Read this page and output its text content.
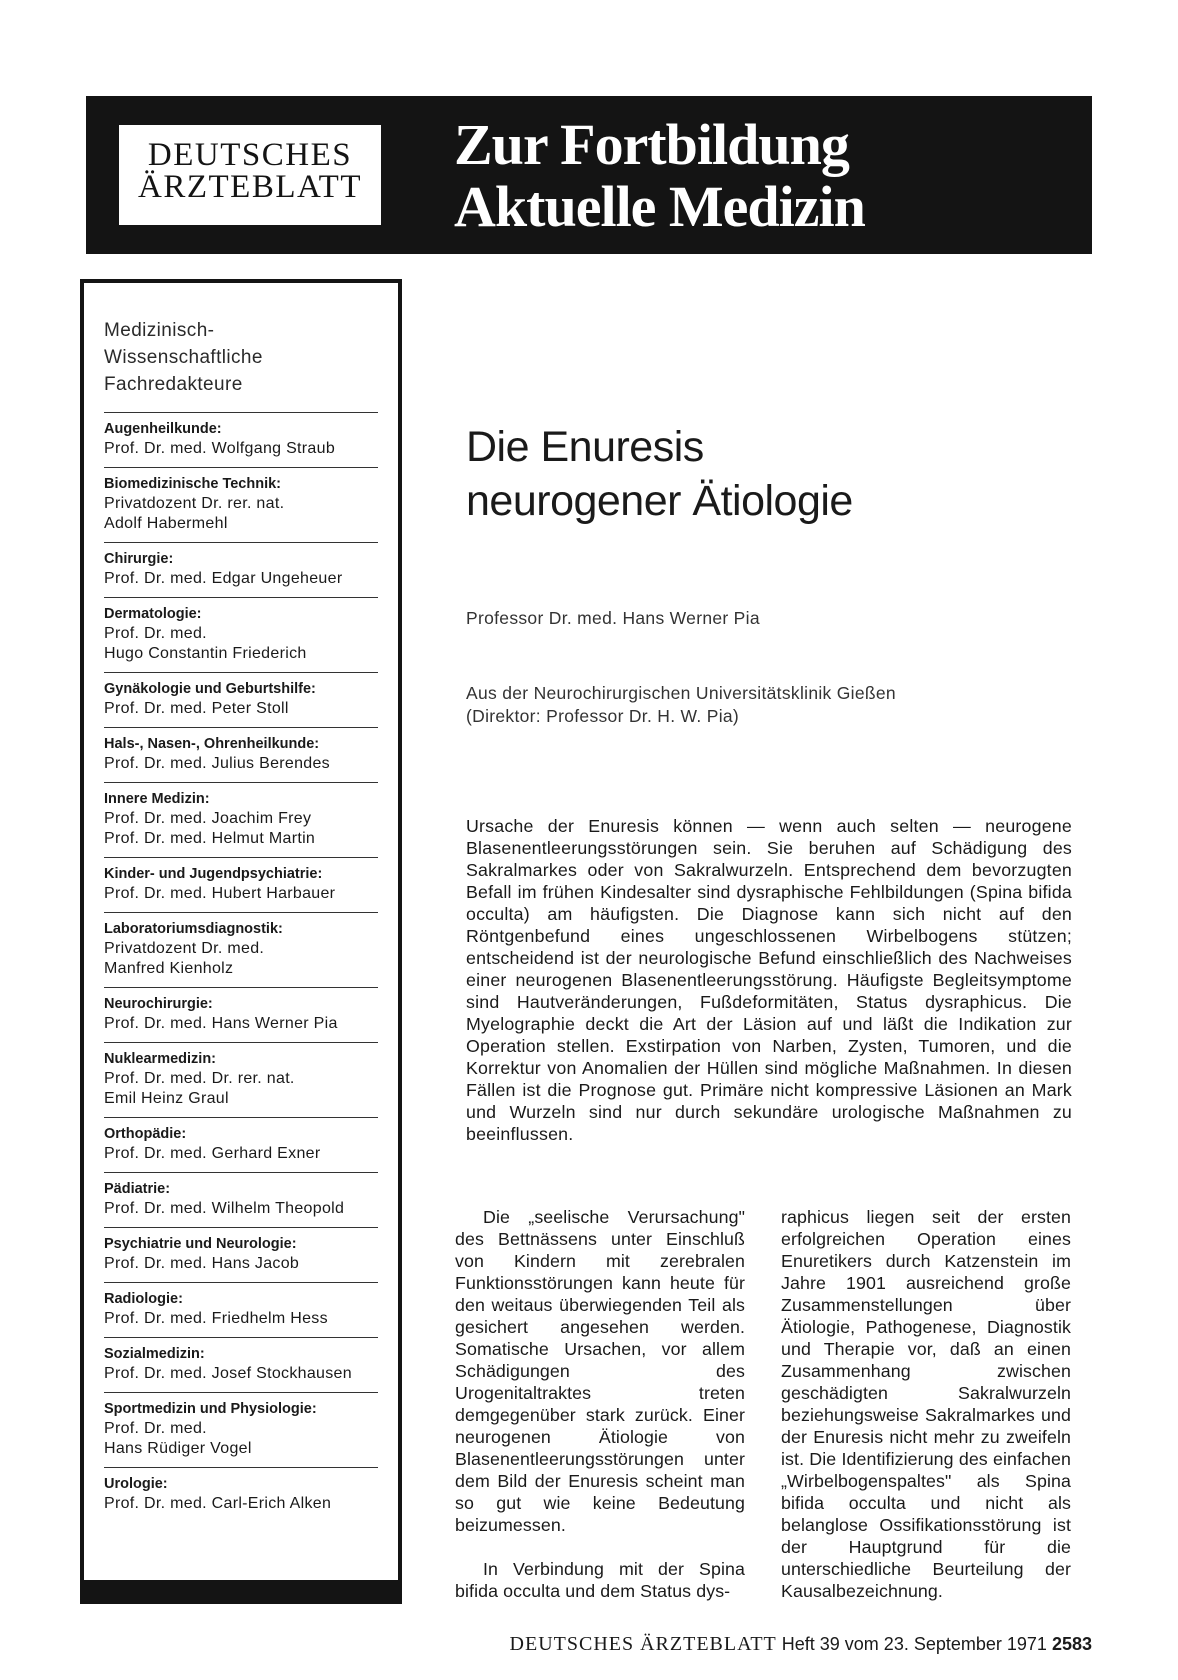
DEUTSCHES
ÄRZTEBLATT
Zur Fortbildung
Aktuelle Medizin
Medizinisch-
Wissenschaftliche
Fachredakteure
Augenheilkunde:
Prof. Dr. med. Wolfgang Straub
Biomedizinische Technik:
Privatdozent Dr. rer. nat.
Adolf Habermehl
Chirurgie:
Prof. Dr. med. Edgar Ungeheuer
Dermatologie:
Prof. Dr. med.
Hugo Constantin Friederich
Gynäkologie und Geburtshilfe:
Prof. Dr. med. Peter Stoll
Hals-, Nasen-, Ohrenheilkunde:
Prof. Dr. med. Julius Berendes
Innere Medizin:
Prof. Dr. med. Joachim Frey
Prof. Dr. med. Helmut Martin
Kinder- und Jugendpsychiatrie:
Prof. Dr. med. Hubert Harbauer
Laboratoriumsdiagnostik:
Privatdozent Dr. med.
Manfred Kienholz
Neurochirurgie:
Prof. Dr. med. Hans Werner Pia
Nuklearmedizin:
Prof. Dr. med. Dr. rer. nat.
Emil Heinz Graul
Orthopädie:
Prof. Dr. med. Gerhard Exner
Pädiatrie:
Prof. Dr. med. Wilhelm Theopold
Psychiatrie und Neurologie:
Prof. Dr. med. Hans Jacob
Radiologie:
Prof. Dr. med. Friedhelm Hess
Sozialmedizin:
Prof. Dr. med. Josef Stockhausen
Sportmedizin und Physiologie:
Prof. Dr. med.
Hans Rüdiger Vogel
Urologie:
Prof. Dr. med. Carl-Erich Alken
Die Enuresis
neurogener Ätiologie
Professor Dr. med. Hans Werner Pia
Aus der Neurochirurgischen Universitätsklinik Gießen
(Direktor: Professor Dr. H. W. Pia)

Ursache der Enuresis können — wenn auch selten — neurogene Blasenentleerungsstörungen sein. Sie beruhen auf Schädigung des Sakralmarkes oder von Sakralwurzeln. Entsprechend dem bevorzugten Befall im frühen Kindesalter sind dysraphische Fehlbildungen (Spina bifida occulta) am häufigsten. Die Diagnose kann sich nicht auf den Röntgenbefund eines ungeschlossenen Wirbelbogens stützen; entscheidend ist der neurologische Befund einschließlich des Nachweises einer neurogenen Blasenentleerungsstörung. Häufigste Begleitsymptome sind Hautveränderungen, Fußdeformitäten, Status dysraphicus. Die Myelographie deckt die Art der Läsion auf und läßt die Indikation zur Operation stellen. Exstirpation von Narben, Zysten, Tumoren, und die Korrektur von Anomalien der Hüllen sind mögliche Maßnahmen. In diesen Fällen ist die Prognose gut. Primäre nicht kompressive Läsionen an Mark und Wurzeln sind nur durch sekundäre urologische Maßnahmen zu beeinflussen.

Die „seelische Verursachung" des Bettnässens unter Einschluß von Kindern mit zerebralen Funktionsstörungen kann heute für den weitaus überwiegenden Teil als gesichert angesehen werden. Somatische Ursachen, vor allem Schädigungen des Urogenitaltraktes treten demgegenüber stark zurück. Einer neurogenen Ätiologie von Blasenentleerungsstörungen unter dem Bild der Enuresis scheint man so gut wie keine Bedeutung beizumessen.

In Verbindung mit der Spina bifida occulta und dem Status dys-

raphicus liegen seit der ersten erfolgreichen Operation eines Enuretikers durch Katzenstein im Jahre 1901 ausreichend große Zusammenstellungen über Ätiologie, Pathogenese, Diagnostik und Therapie vor, daß an einen Zusammenhang zwischen geschädigten Sakralwurzeln beziehungsweise Sakralmarkes und der Enuresis nicht mehr zu zweifeln ist. Die Identifizierung des einfachen „Wirbelbogenspaltes" als Spina bifida occulta und nicht als belanglose Ossifikationsstörung ist der Hauptgrund für die unterschiedliche Beurteilung der Kausalbezeichnung.

DEUTSCHES ÄRZTEBLATT Heft 39 vom 23. September 1971 2583
